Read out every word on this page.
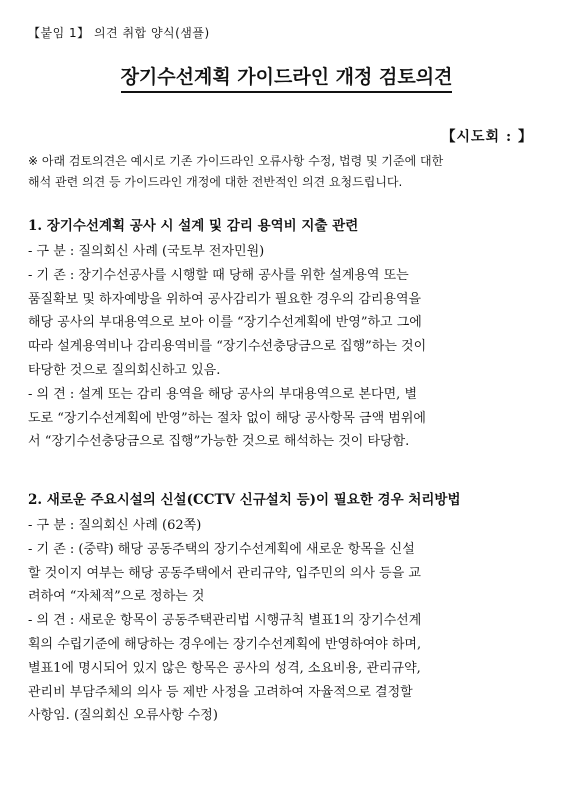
【붙임 1】 의견 취합 양식(샘플)
장기수선계획 가이드라인 개정 검토의견
【시도회 : 】
※ 아래 검토의견은 예시로 기존 가이드라인 오류사항 수정, 법령 및 기준에 대한
해석 관련 의견 등 가이드라인 개정에 대한 전반적인 의견 요청드립니다.
1. 장기수선계획 공사 시 설계 및 감리 용역비 지출 관련
- 구 분 : 질의회신 사례 (국토부 전자민원)
- 기 존 : 장기수선공사를 시행할 때 당해 공사를 위한 설계용역 또는
품질확보 및 하자예방을 위하여 공사감리가 필요한 경우의 감리용역을
해당 공사의 부대용역으로 보아 이를 “장기수선계획에 반영”하고 그에
따라 설계용역비나 감리용역비를 “장기수선충당금으로 집행”하는 것이
타당한 것으로 질의회신하고 있음.
- 의 견 : 설계 또는 감리 용역을 해당 공사의 부대용역으로 본다면, 별
도로 “장기수선계획에 반영”하는 절차 없이 해당 공사항목 금액 범위에
서 “장기수선충당금으로 집행”가능한 것으로 해석하는 것이 타당함.
2. 새로운 주요시설의 신설(CCTV 신규설치 등)이 필요한 경우 처리방법
- 구 분 : 질의회신 사례 (62쪽)
- 기 존 : (중략) 해당 공동주택의 장기수선계획에 새로운 항목을 신설
할 것이지 여부는 해당 공동주택에서 관리규약, 입주민의 의사 등을 교
려하여 “자체적”으로 정하는 것
- 의 견 : 새로운 항목이 공동주택관리법 시행규칙 별표1의 장기수선계
획의 수립기준에 해당하는 경우에는 장기수선계획에 반영하여야 하며,
별표1에 명시되어 있지 않은 항목은 공사의 성격, 소요비용, 관리규약,
관리비 부담주체의 의사 등 제반 사정을 고려하여 자율적으로 결정할
사항임. (질의회신 오류사항 수정)
